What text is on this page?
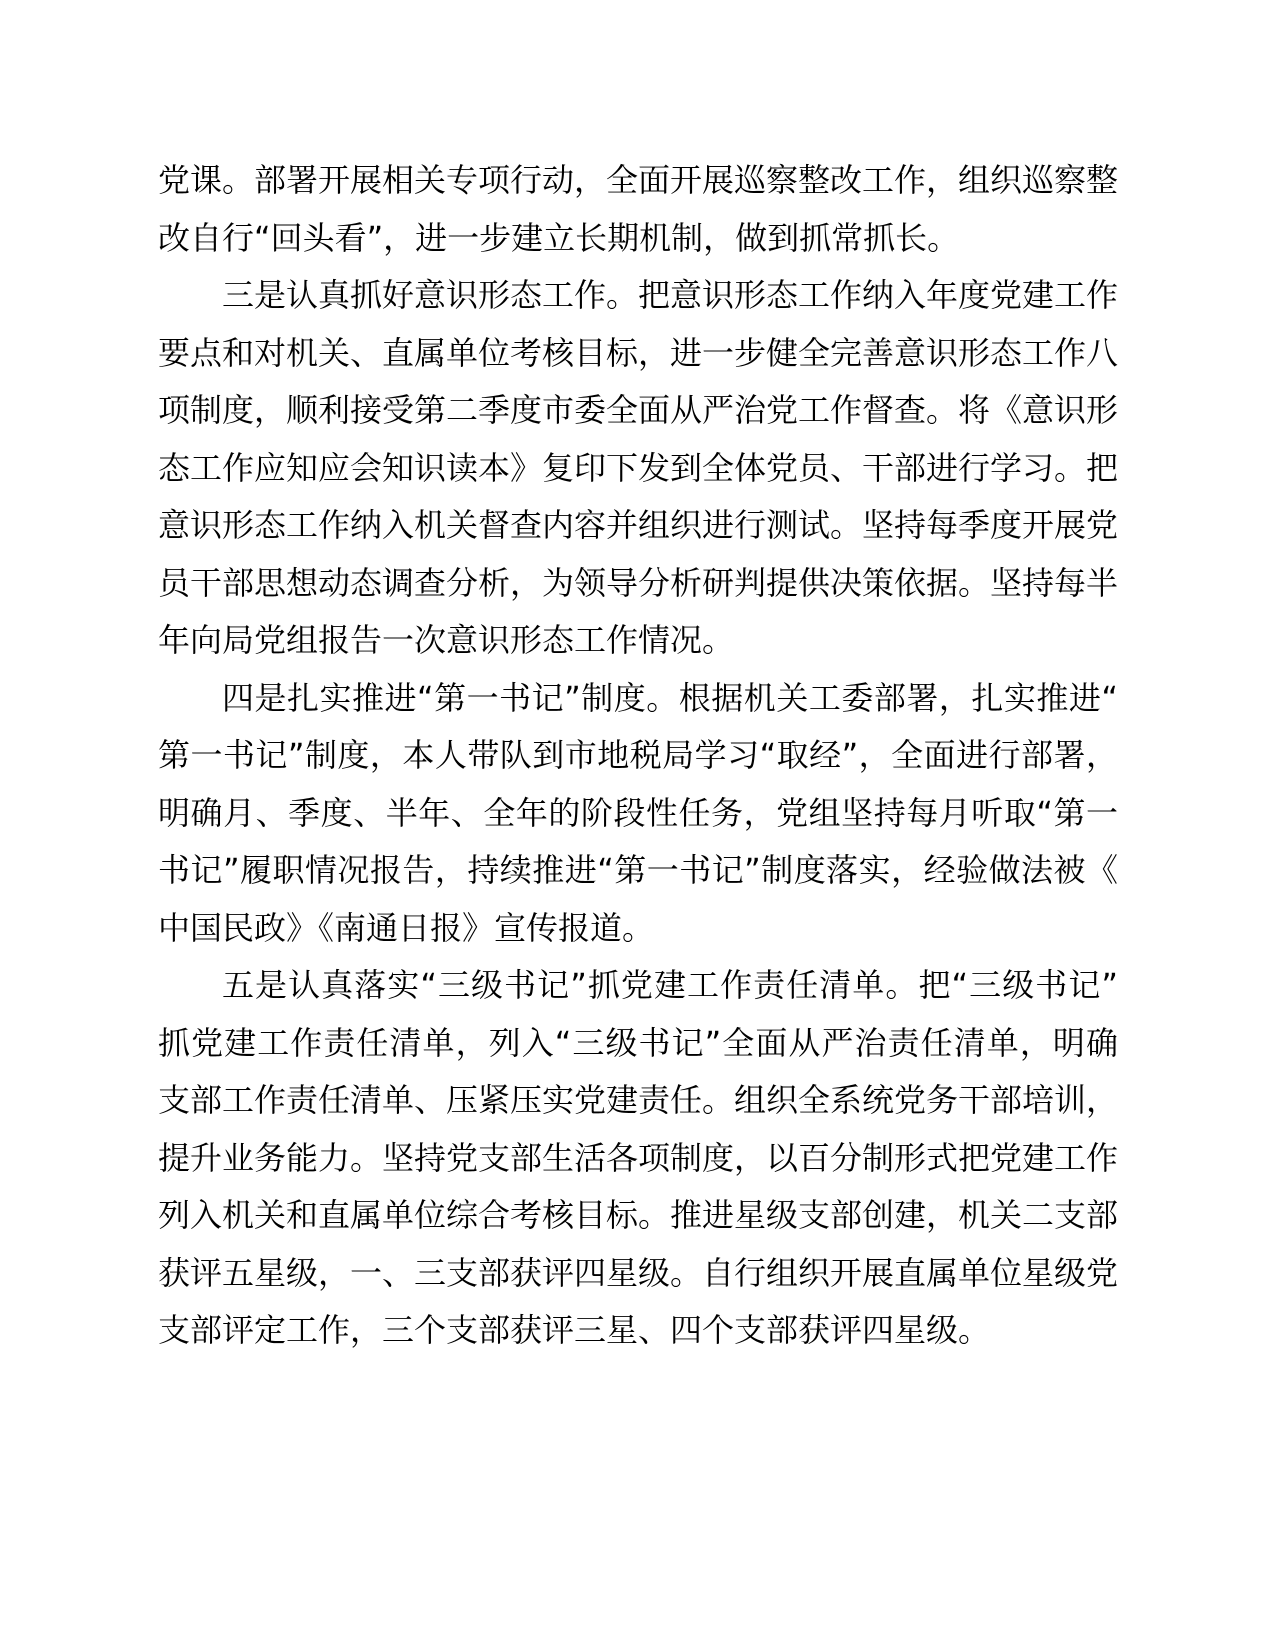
党课。部署开展相关专项行动，全面开展巡察整改工作，组织巡察整改自行“回头看”，进一步建立长期机制，做到抓常抓长。

三是认真抓好意识形态工作。把意识形态工作纳入年度党建工作要点和对机关、直属单位考核目标，进一步健全完善意识形态工作八项制度，顺利接受第二季度市委全面从严治党工作督查。将《意识形态工作应知应会知识读本》复印下发到全体党员、干部进行学习。把意识形态工作纳入机关督查内容并组织进行测试。坚持每季度开展党员干部思想动态调查分析，为领导分析研判提供决策依据。坚持每半年向局党组报告一次意识形态工作情况。

四是扎实推进“第一书记”制度。根据机关工委部署，扎实推进“第一书记”制度，本人带队到市地税局学习“取经”，全面进行部署，明确月、季度、半年、全年的阶段性任务，党组坚持每月听取“第一书记”履职情况报告，持续推进“第一书记”制度落实，经验做法被《中国民政》《南通日报》宣传报道。

五是认真落实“三级书记”抓党建工作责任清单。把“三级书记”抓党建工作责任清单，列入“三级书记”全面从严治责任清单，明确支部工作责任清单、压紧压实党建责任。组织全系统党务干部培训，提升业务能力。坚持党支部生活各项制度，以百分制形式把党建工作列入机关和直属单位综合考核目标。推进星级支部创建，机关二支部获评五星级，一、三支部获评四星级。自行组织开展直属单位星级党支部评定工作，三个支部获评三星、四个支部获评四星级。
